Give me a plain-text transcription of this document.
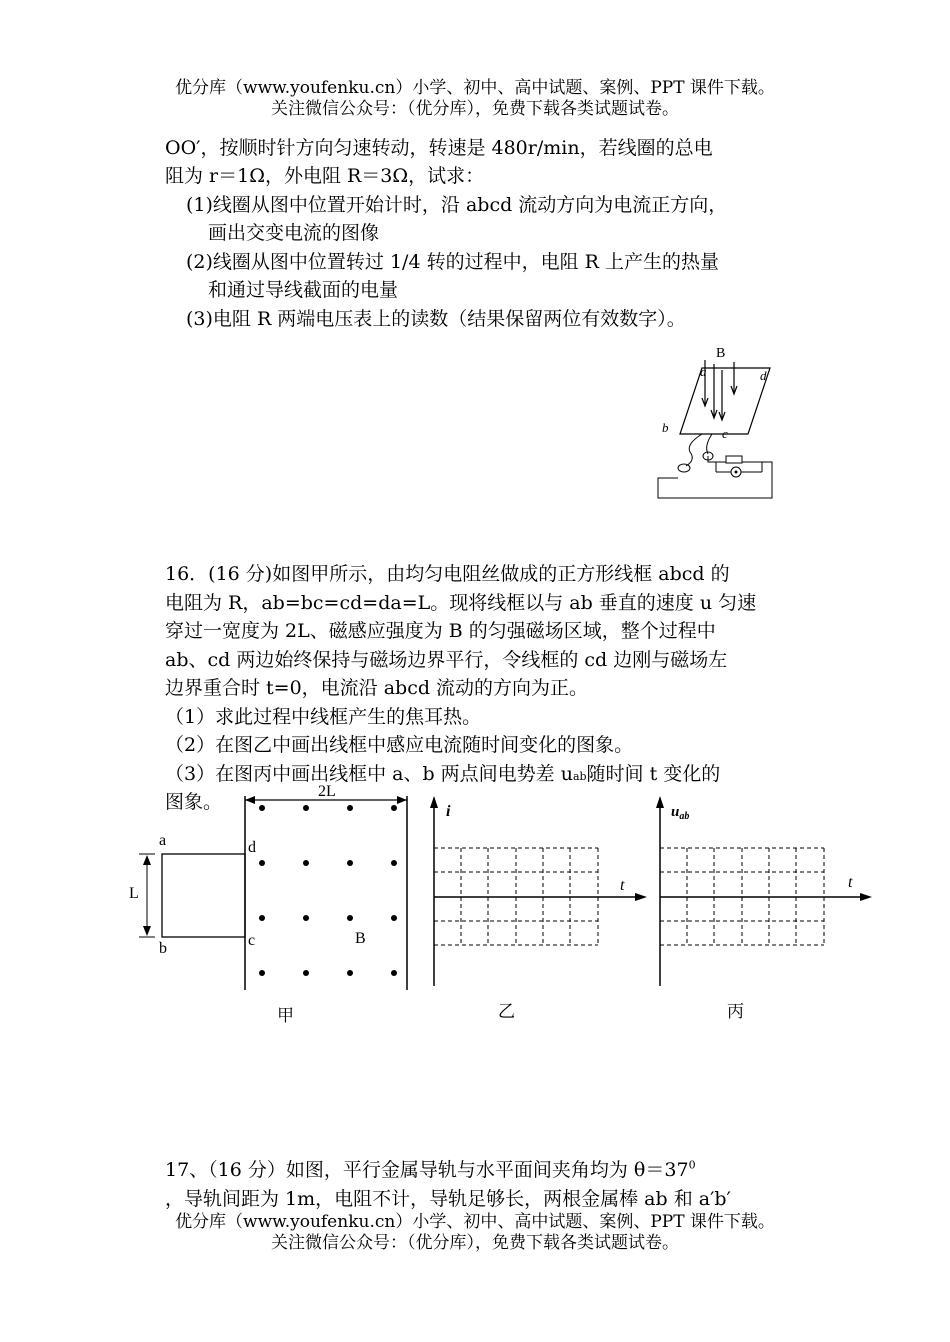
优分库（www.youfenku.cn）小学、初中、高中试题、案例、PPT 课件下载。
关注微信公众号：（优分库），免费下载各类试题试卷。
OO′，按顺时针方向匀速转动，转速是 480r/min，若线圈的总电
阻为 r＝1Ω，外电阻 R＝3Ω，试求：
(1)线圈从图中位置开始计时，沿 abcd 流动方向为电流正方向，
画出交变电流的图像
(2)线圈从图中位置转过 1/4 转的过程中，电阻 R 上产生的热量
和通过导线截面的电量
(3)电阻 R 两端电压表上的读数（结果保留两位有效数字）。
B
a	d
b	c
16．(16 分)如图甲所示，由均匀电阻丝做成的正方形线框 abcd 的
电阻为 R，ab=bc=cd=da=L。现将线框以与 ab 垂直的速度 u 匀速
穿过一宽度为 2L、磁感应强度为 B 的匀强磁场区域，整个过程中
ab、cd 两边始终保持与磁场边界平行，令线框的 cd 边刚与磁场左
边界重合时 t=0，电流沿 abcd 流动的方向为正。
（1）求此过程中线框产生的焦耳热。
（2）在图乙中画出线框中感应电流随时间变化的图象。
（3）在图丙中画出线框中 a、b 两点间电势差 uab随时间 t 变化的
图象。	2L
L
a
b	c
d
B
甲
i
t
乙
$u_{ab}$
t
丙
17、（16 分）如图，平行金属导轨与水平面间夹角均为 $\theta=37^0$
，导轨间距为 1m，电阻不计，导轨足够长，两根金属棒 ab 和 a′b′
优分库（www.youfenku.cn）小学、初中、高中试题、案例、PPT 课件下载。
关注微信公众号：（优分库），免费下载各类试题试卷。
